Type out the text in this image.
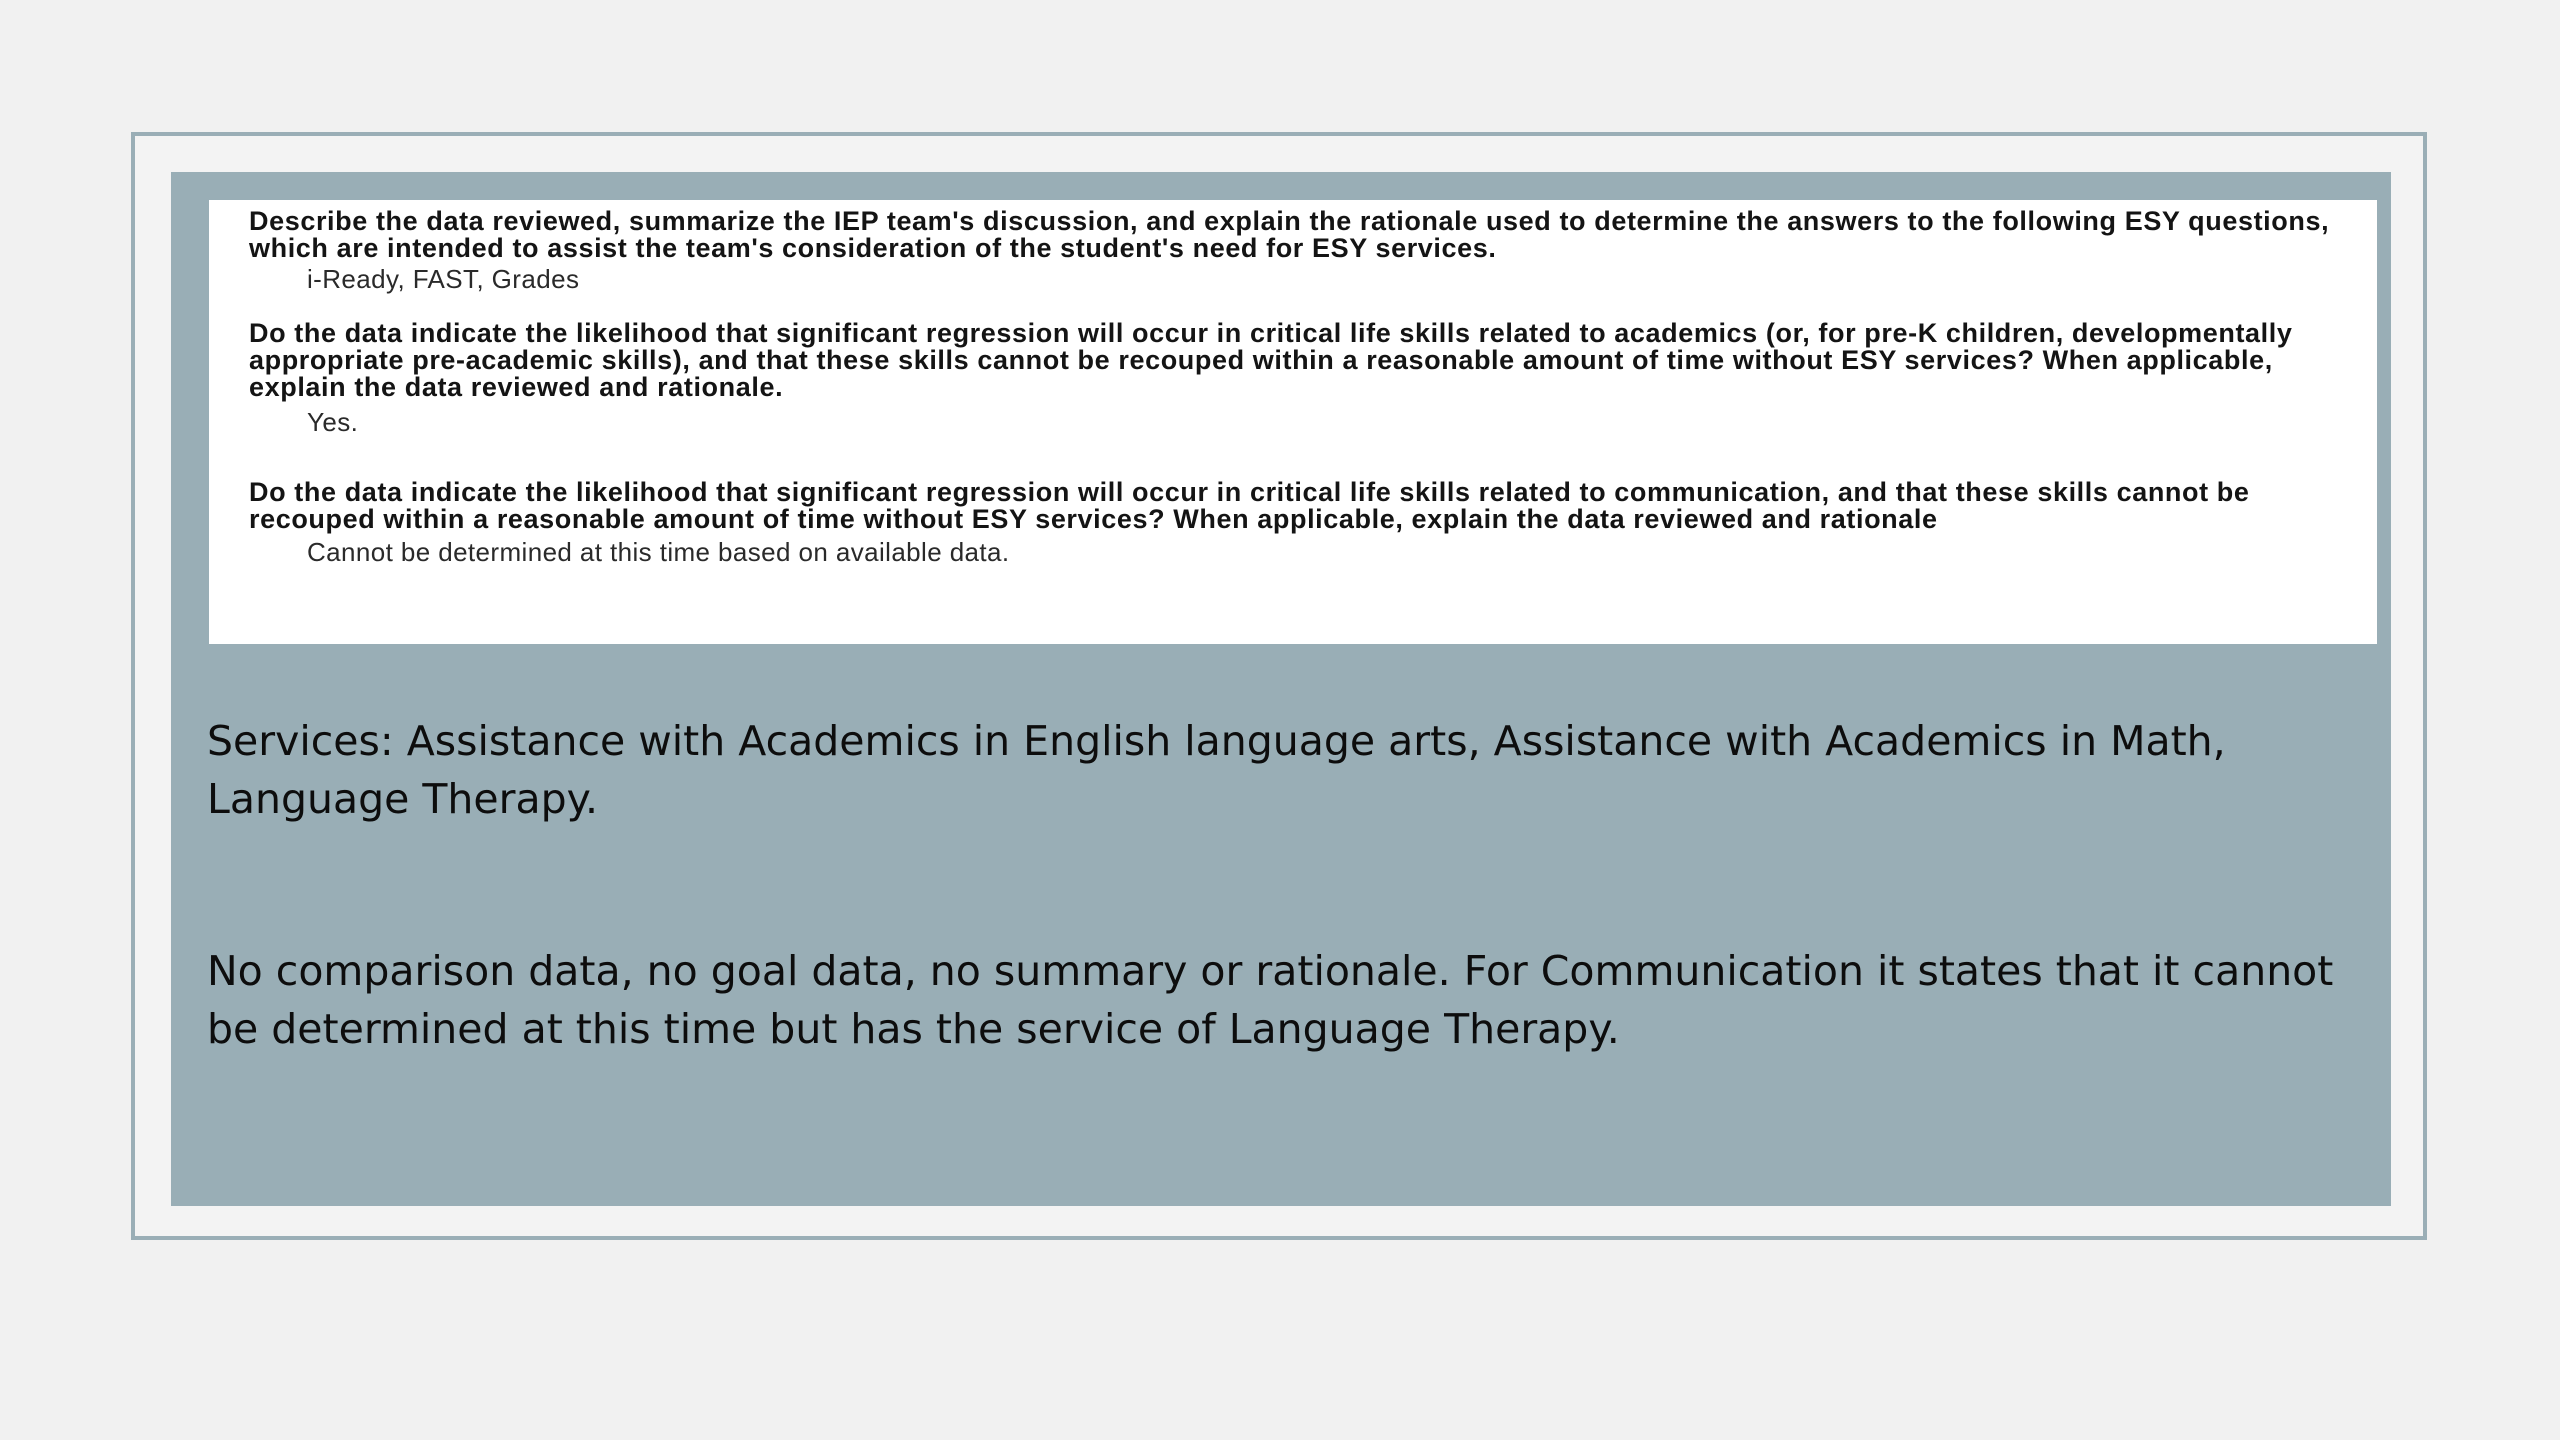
Describe the data reviewed, summarize the IEP team's discussion, and explain the rationale used to determine the answers to the following ESY questions, which are intended to assist the team's consideration of the student's need for ESY services.

i-Ready, FAST, Grades

Do the data indicate the likelihood that significant regression will occur in critical life skills related to academics (or, for pre-K children, developmentally appropriate pre-academic skills), and that these skills cannot be recouped within a reasonable amount of time without ESY services? When applicable, explain the data reviewed and rationale.

Yes.

Do the data indicate the likelihood that significant regression will occur in critical life skills related to communication, and that these skills cannot be recouped within a reasonable amount of time without ESY services? When applicable, explain the data reviewed and rationale

Cannot be determined at this time based on available data.

Services: Assistance with Academics in English language arts, Assistance with Academics in Math, Language Therapy.

No comparison data, no goal data, no summary or rationale. For Communication it states that it cannot be determined at this time but has the service of Language Therapy.
